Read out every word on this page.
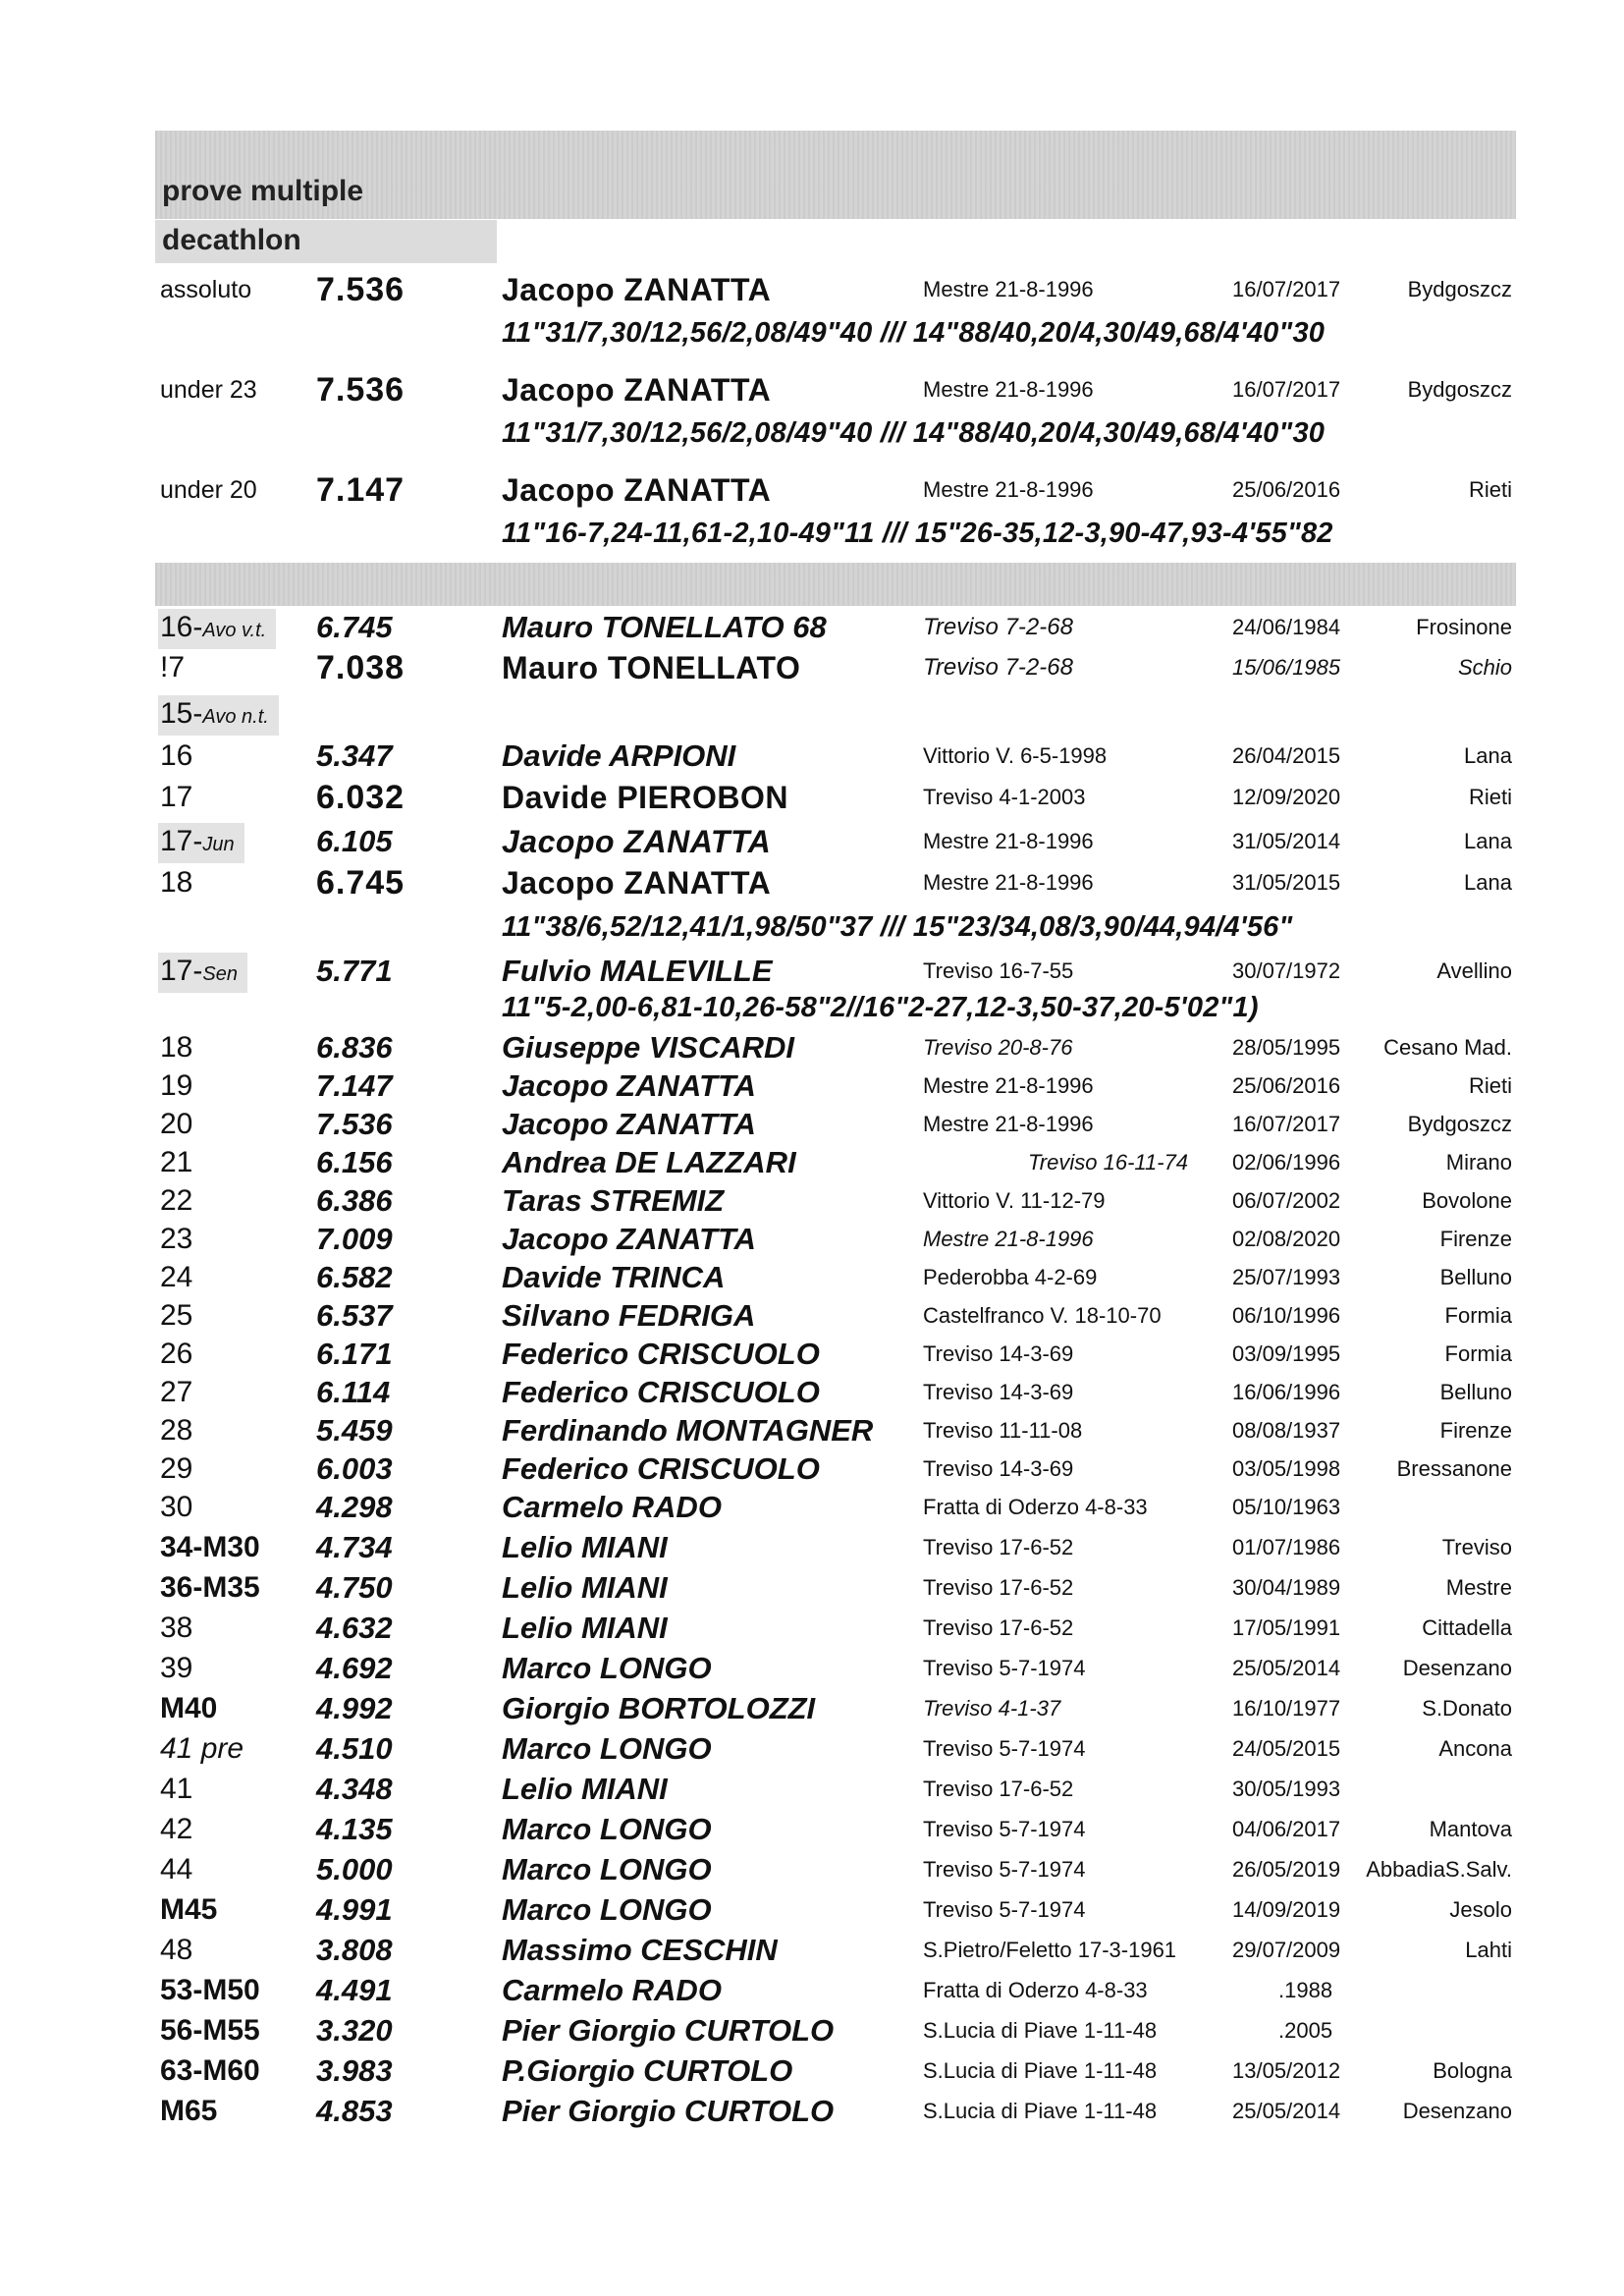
prove multiple
decathlon
assoluto 7.536	Jacopo ZANATTA	Mestre 21-8-1996	16/07/2017	Bydgoszcz
11"31/7,30/12,56/2,08/49"40 /// 14"88/40,20/4,30/49,68/4'40"30
under 23 7.536	Jacopo ZANATTA	Mestre 21-8-1996	16/07/2017	Bydgoszcz
11"31/7,30/12,56/2,08/49"40 /// 14"88/40,20/4,30/49,68/4'40"30
under 20 7.147	Jacopo ZANATTA	Mestre 21-8-1996	25/06/2016	Rieti
11"16-7,24-11,61-2,10-49"11 /// 15"26-35,12-3,90-47,93-4'55"82
16-Avo v.t.	6.745	Mauro TONELLATO 68	Treviso 7-2-68	24/06/1984	Frosinone
!7	7.038	Mauro TONELLATO	Treviso 7-2-68	15/06/1985	Schio
15-Avo n.t.
16	5.347	Davide ARPIONI	Vittorio V. 6-5-1998	26/04/2015	Lana
17	6.032	Davide PIEROBON	Treviso 4-1-2003	12/09/2020	Rieti
17-Jun	6.105	Jacopo ZANATTA	Mestre 21-8-1996	31/05/2014	Lana
18	6.745	Jacopo ZANATTA	Mestre 21-8-1996	31/05/2015	Lana
11"38/6,52/12,41/1,98/50"37 /// 15"23/34,08/3,90/44,94/4'56"
17-Sen	5.771	Fulvio MALEVILLE	Treviso 16-7-55	30/07/1972	Avellino
11"5-2,00-6,81-10,26-58"2//16"2-27,12-3,50-37,20-5'02"1)
18	6.836	Giuseppe VISCARDI	Treviso 20-8-76	28/05/1995 Cesano Mad.
19	7.147	Jacopo ZANATTA	Mestre 21-8-1996	25/06/2016	Rieti
20	7.536	Jacopo ZANATTA	Mestre 21-8-1996	16/07/2017	Bydgoszcz
21	6.156	Andrea DE LAZZARI	Treviso 16-11-74 02/06/1996	Mirano
22	6.386	Taras STREMIZ	Vittorio V. 11-12-79	06/07/2002	Bovolone
23	7.009	Jacopo ZANATTA	Mestre 21-8-1996	02/08/2020	Firenze
24	6.582	Davide TRINCA	Pederobba 4-2-69	25/07/1993	Belluno
25	6.537	Silvano FEDRIGA	Castelfranco V. 18-10-70	06/10/1996	Formia
26	6.171	Federico CRISCUOLO	Treviso 14-3-69	03/09/1995	Formia
27	6.114	Federico CRISCUOLO	Treviso 14-3-69	16/06/1996	Belluno
28	5.459	Ferdinando MONTAGNER Treviso 11-11-08	08/08/1937	Firenze
29	6.003	Federico CRISCUOLO	Treviso 14-3-69	03/05/1998	Bressanone
30	4.298	Carmelo RADO	Fratta di Oderzo 4-8-33	05/10/1963
34-M30 4.734	Lelio MIANI	Treviso 17-6-52	01/07/1986	Treviso
36-M35 4.750	Lelio MIANI	Treviso 17-6-52	30/04/1989	Mestre
38	4.632	Lelio MIANI	Treviso 17-6-52	17/05/1991	Cittadella
39	4.692	Marco LONGO	Treviso 5-7-1974	25/05/2014	Desenzano
M40	4.992	Giorgio BORTOLOZZI	Treviso 4-1-37	16/10/1977	S.Donato
41 pre 4.510	Marco LONGO	Treviso 5-7-1974	24/05/2015	Ancona
41	4.348	Lelio MIANI	Treviso 17-6-52	30/05/1993
42	4.135	Marco LONGO	Treviso 5-7-1974	04/06/2017	Mantova
44	5.000	Marco LONGO	Treviso 5-7-1974	26/05/2019 AbbadiaS.Salv.
M45	4.991	Marco LONGO	Treviso 5-7-1974	14/09/2019	Jesolo
48	3.808	Massimo CESCHIN	S.Pietro/Feletto 17-3-1961	29/07/2009	Lahti
53-M50 4.491	Carmelo RADO	Fratta di Oderzo 4-8-33	.1988
56-M55 3.320	Pier Giorgio CURTOLO	S.Lucia di Piave 1-11-48	.2005
63-M60 3.983	P.Giorgio CURTOLO	S.Lucia di Piave 1-11-48	13/05/2012	Bologna
M65	4.853	Pier Giorgio CURTOLO	S.Lucia di Piave 1-11-48	25/05/2014	Desenzano
